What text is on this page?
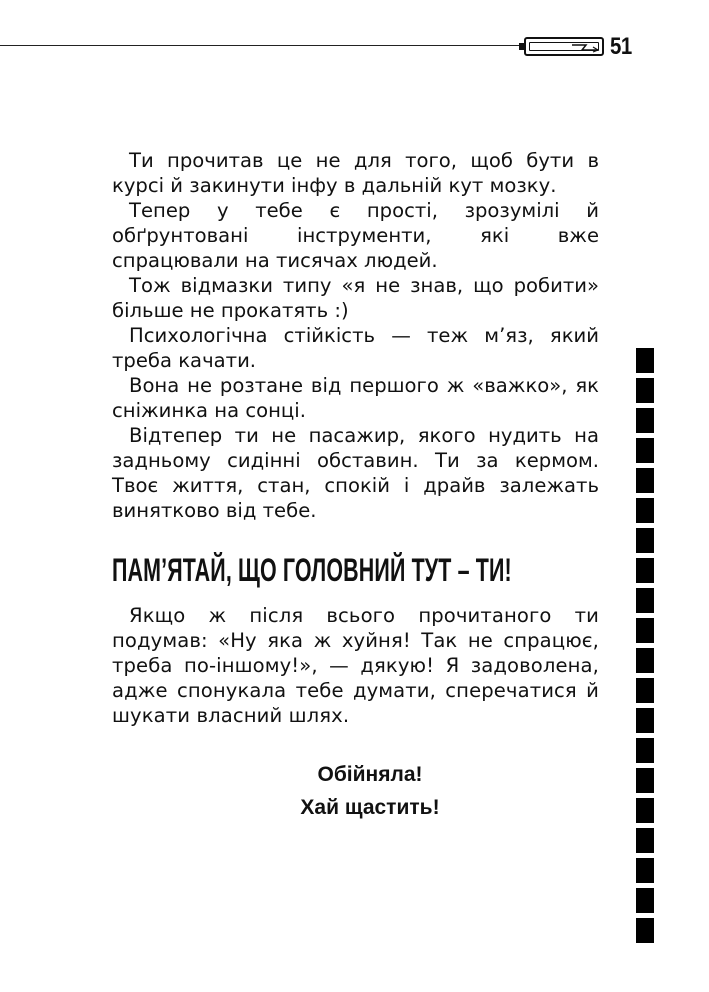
51

Ти прочитав це не для того, щоб бути в курсі й закинути інфу в дальній кут мозку.

Тепер у тебе є прості, зрозумілі й обґрунтовані інструменти, які вже спрацювали на тисячах людей.

Тож відмазки типу «я не знав, що робити» більше не прокатять :)

Психологічна стійкість — теж м’яз, який треба качати.

Вона не розтане від першого ж «важко», як сніжинка на сонці.

Відтепер ти не пасажир, якого нудить на задньому сидінні обставин. Ти за кермом. Твоє життя, стан, спокій і драйв залежать винятково від тебе.

ПАМ’ЯТАЙ, ЩО ГОЛОВНИЙ ТУТ – ТИ!

Якщо ж після всього прочитаного ти подумав: «Ну яка ж хуйня! Так не спрацює, треба по-іншому!», — дякую! Я задоволена, адже спонукала тебе думати, сперечатися й шукати власний шлях.

Обійняла!
Хай щастить!
